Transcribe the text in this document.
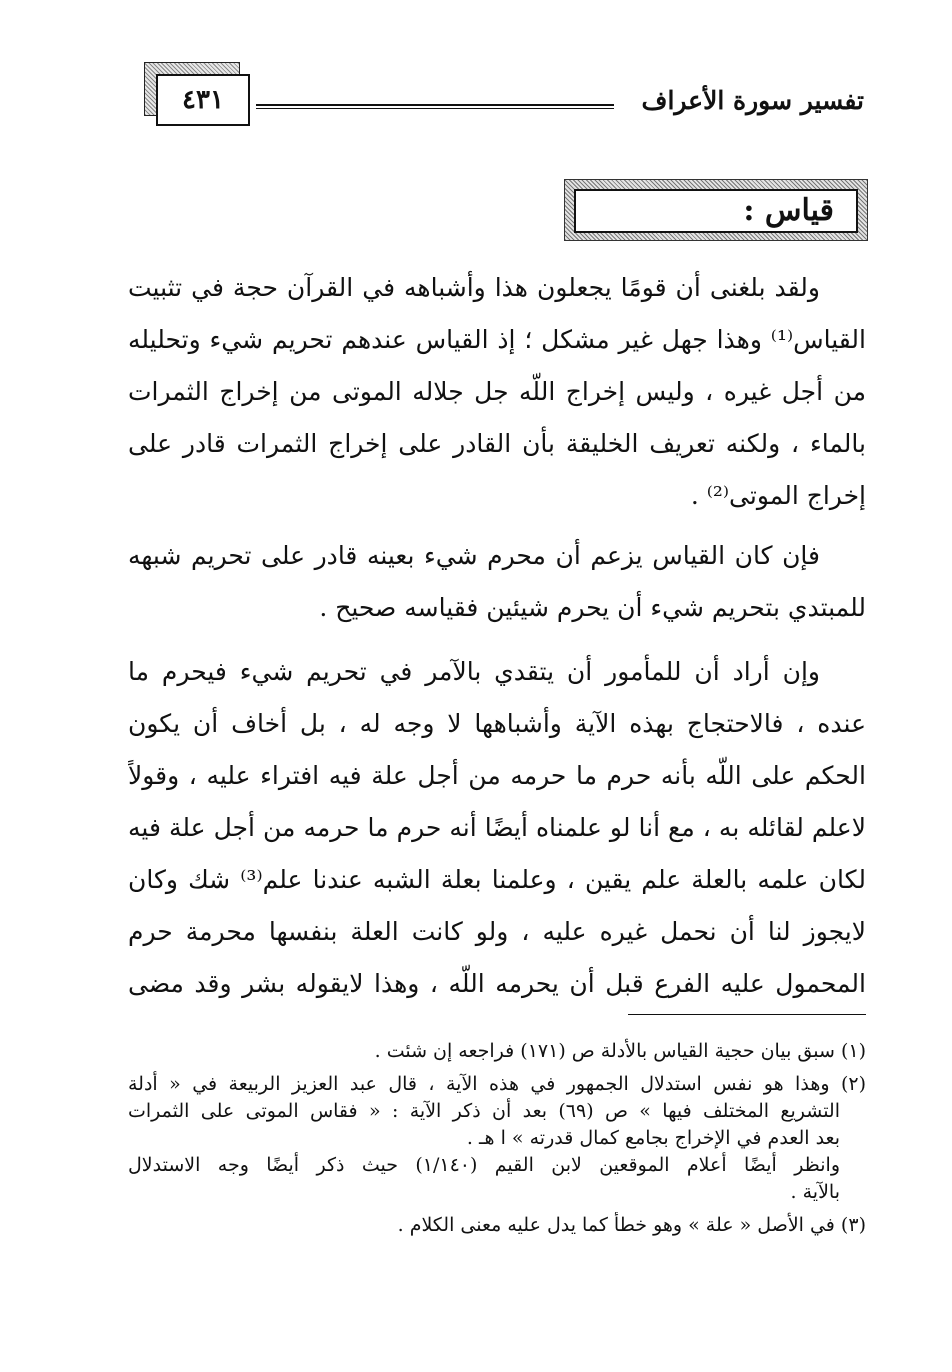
تفسير سورة الأعراف
٤٣١
قياس :
ولقد بلغنى أن قومًا يجعلون هذا وأشباهه في القرآن حجة في تثبيت
القياس⁽¹⁾ وهذا جهل غير مشكل ؛ إذ القياس عندهم تحريم شيء وتحليله
من أجل غيره ، وليس إخراج اللّه جل جلاله الموتى من إخراج الثمرات
بالماء ، ولكنه تعريف الخليقة بأن القادر على إخراج الثمرات قادر على
إخراج الموتى⁽²⁾ .
فإن كان القياس يزعم أن محرم شيء بعينه قادر على تحريم شبهه
للمبتدي بتحريم شيء أن يحرم شيئين فقياسه صحيح .
وإن أراد أن للمأمور أن يتقدي بالآمر في تحريم شيء فيحرم ما
عنده ، فالاحتجاج بهذه الآية وأشباهها لا وجه له ، بل أخاف أن يكون
الحكم على اللّه بأنه حرم ما حرمه من أجل علة فيه افتراء عليه ، وقولاً
لاعلم لقائله به ، مع أنا لو علمناه أيضًا أنه حرم ما حرمه من أجل علة فيه
لكان علمه بالعلة علم يقين ، وعلمنا بعلة الشبه عندنا علم⁽³⁾ شك وكان
لايجوز لنا أن نحمل غيره عليه ، ولو كانت العلة بنفسها محرمة حرم
المحمول عليه الفرع قبل أن يحرمه اللّه ، وهذا لايقوله بشر وقد مضى
(١) سبق بيان حجية القياس بالأدلة ص (١٧١) فراجعه إن شئت .
(٢) وهذا هو نفس استدلال الجمهور في هذه الآية ، قال عبد العزيز الربيعة في « أدلة
التشريع المختلف فيها » ص (٦٩) بعد أن ذكر الآية : « فقاس الموتى على الثمرات
بعد العدم في الإخراج بجامع كمال قدرته » ا هـ .
وانظر أيضًا أعلام الموقعين لابن القيم (١/١٤٠) حيث ذكر أيضًا وجه الاستدلال
بالآية .
(٣) في الأصل « علة » وهو خطأ كما يدل عليه معنى الكلام .
